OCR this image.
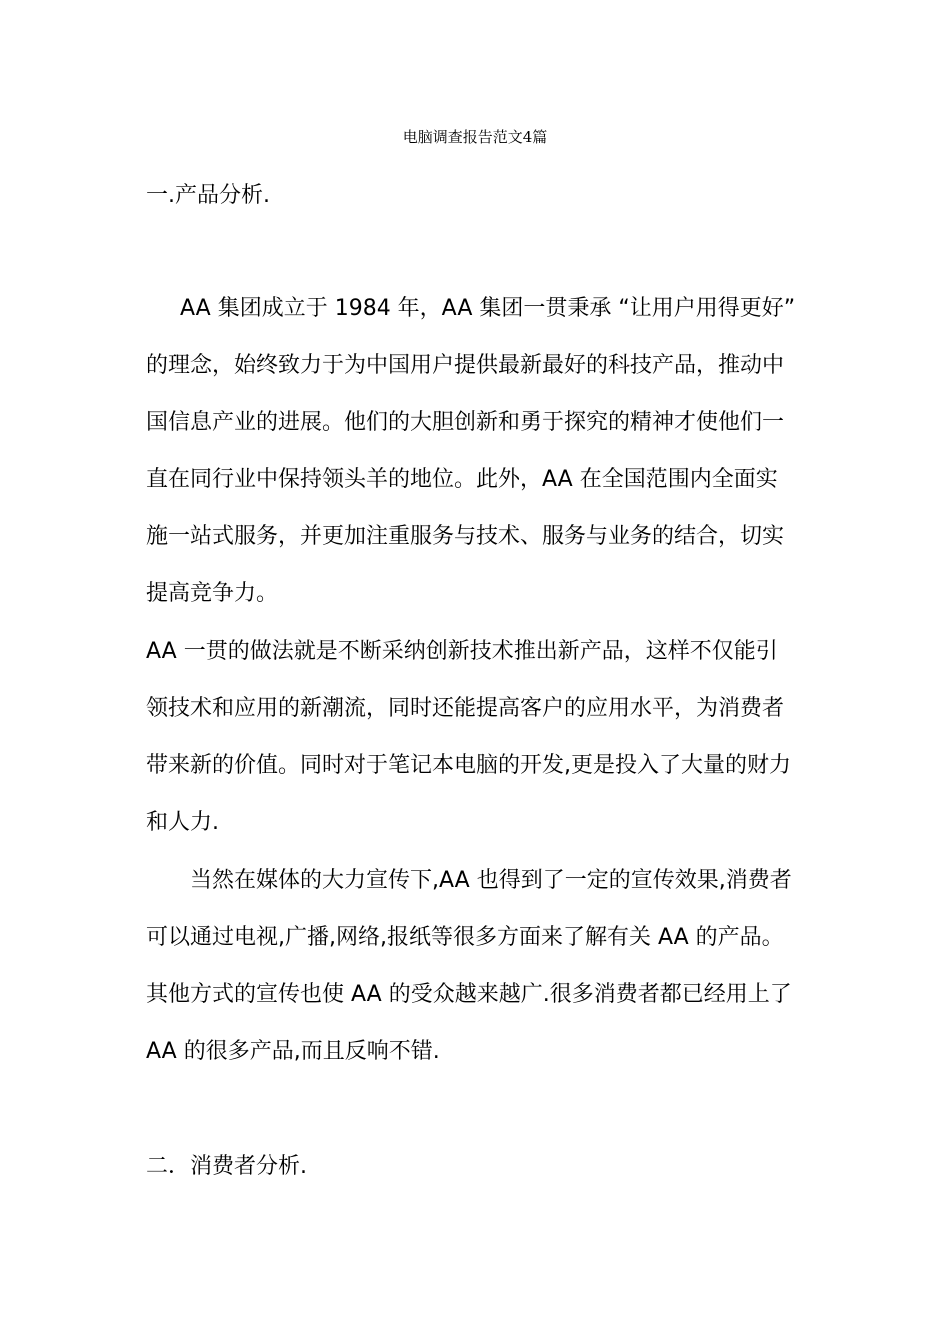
电脑调查报告范文4篇
一.产品分析.
AA 集团成立于 1984 年，AA 集团一贯秉承 “让用户用得更好”
的理念，始终致力于为中国用户提供最新最好的科技产品，推动中
国信息产业的进展。他们的大胆创新和勇于探究的精神才使他们一
直在同行业中保持领头羊的地位。此外，AA 在全国范围内全面实
施一站式服务，并更加注重服务与技术、服务与业务的结合，切实
提高竞争力。
AA 一贯的做法就是不断采纳创新技术推出新产品，这样不仅能引
领技术和应用的新潮流，同时还能提高客户的应用水平，为消费者
带来新的价值。同时对于笔记本电脑的开发,更是投入了大量的财力
和人力.
当然在媒体的大力宣传下,AA 也得到了一定的宣传效果,消费者
可以通过电视,广播,网络,报纸等很多方面来了解有关 AA 的产品。
其他方式的宣传也使 AA 的受众越来越广.很多消费者都已经用上了
AA 的很多产品,而且反响不错.
二．消费者分析.
